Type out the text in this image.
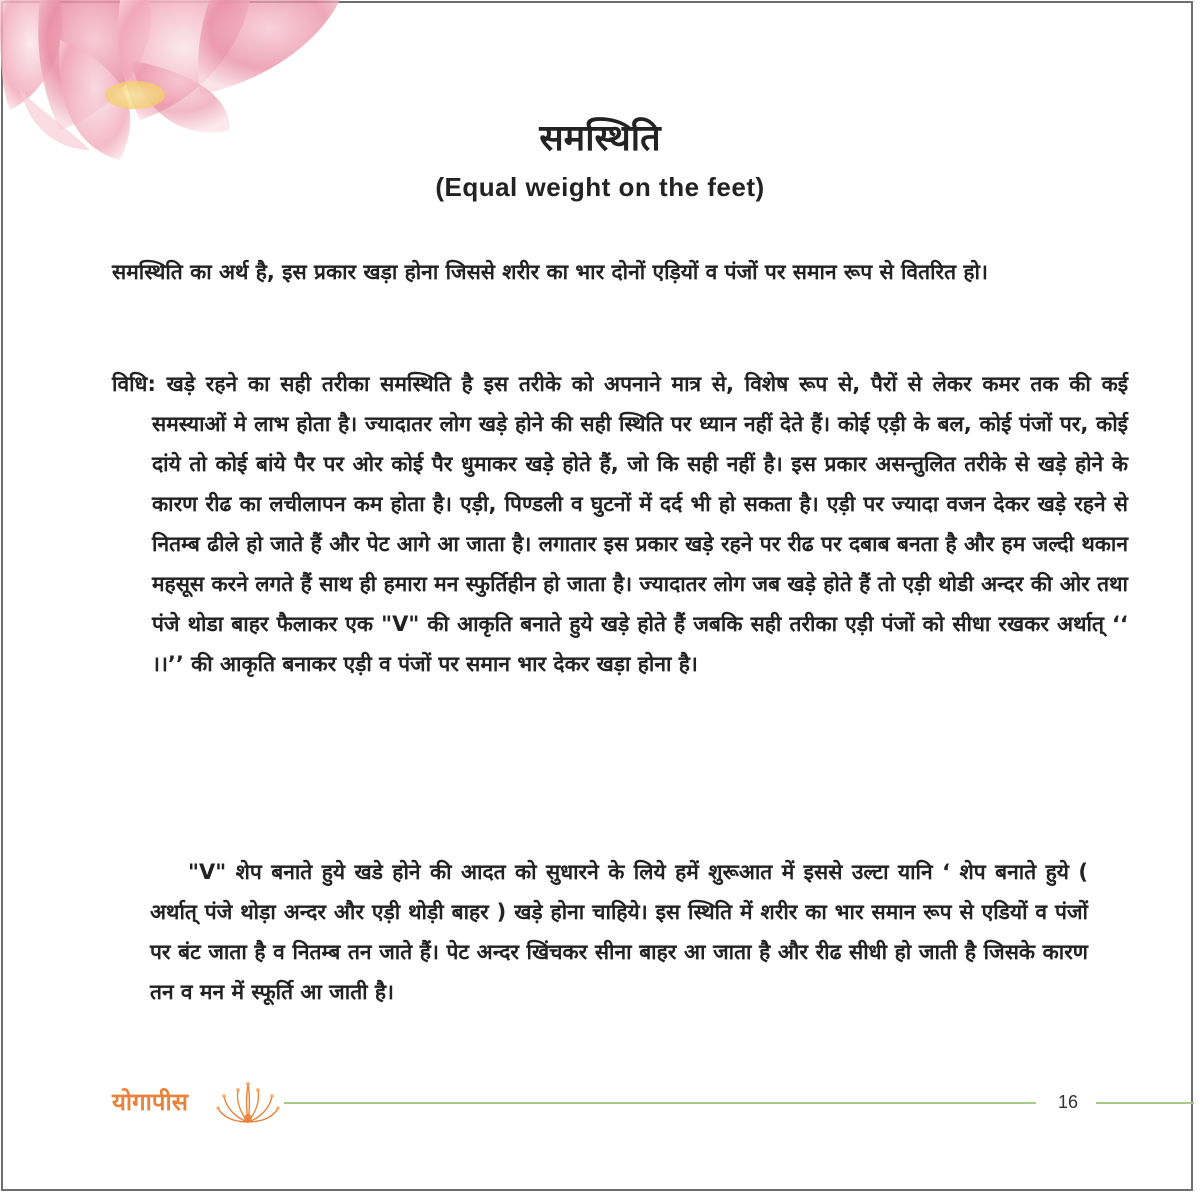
समस्थिति
(Equal weight on the feet)

समस्थिति का अर्थ है, इस प्रकार खड़ा होना जिससे शरीर का भार दोनों एड़ियों व पंजों पर समान रूप से वितरित हो।

विधि: खड़े रहने का सही तरीका समस्थिति है इस तरीके को अपनाने मात्र से, विशेष रूप से, पैरों से लेकर कमर तक की कई समस्याओं मे लाभ होता है। ज्यादातर लोग खड़े होने की सही स्थिति पर ध्यान नहीं देते हैं। कोई एड़ी के बल, कोई पंजों पर, कोई दांये तो कोई बांये पैर पर ओर कोई पैर धुमाकर खड़े होते हैं, जो कि सही नहीं है। इस प्रकार असन्तुलित तरीके से खड़े होने के कारण रीढ का लचीलापन कम होता है। एड़ी, पिण्डली व घुटनों में दर्द भी हो सकता है। एड़ी पर ज्यादा वजन देकर खड़े रहने से नितम्ब ढीले हो जाते हैं और पेट आगे आ जाता है। लगातार इस प्रकार खड़े रहने पर रीढ पर दबाब बनता है और हम जल्दी थकान महसूस करने लगते हैं साथ ही हमारा मन स्फुर्तिहीन हो जाता है। ज्यादातर लोग जब खड़े होते हैं तो एड़ी थोडी अन्दर की ओर तथा पंजे थोडा बाहर फैलाकर एक "V" की आकृति बनाते हुये खड़े होते हैं जबकि सही तरीका एड़ी पंजों को सीधा रखकर अर्थात् ‘‘ ।।’’ की आकृति बनाकर एड़ी व पंजों पर समान भार देकर खड़ा होना है।

"V" शेप बनाते हुये खडे होने की आदत को सुधारने के लिये हमें शुरूआत में इससे उल्टा यानि ‘ शेप बनाते हुये ( अर्थात् पंजे थोड़ा अन्दर और एड़ी थोड़ी बाहर ) खड़े होना चाहिये। इस स्थिति में शरीर का भार समान रूप से एडियों व पंजों पर बंट जाता है व नितम्ब तन जाते हैं। पेट अन्दर खिंचकर सीना बाहर आ जाता है और रीढ सीधी हो जाती है जिसके कारण तन व मन में स्फूर्ति आ जाती है।

योगापीस	16
